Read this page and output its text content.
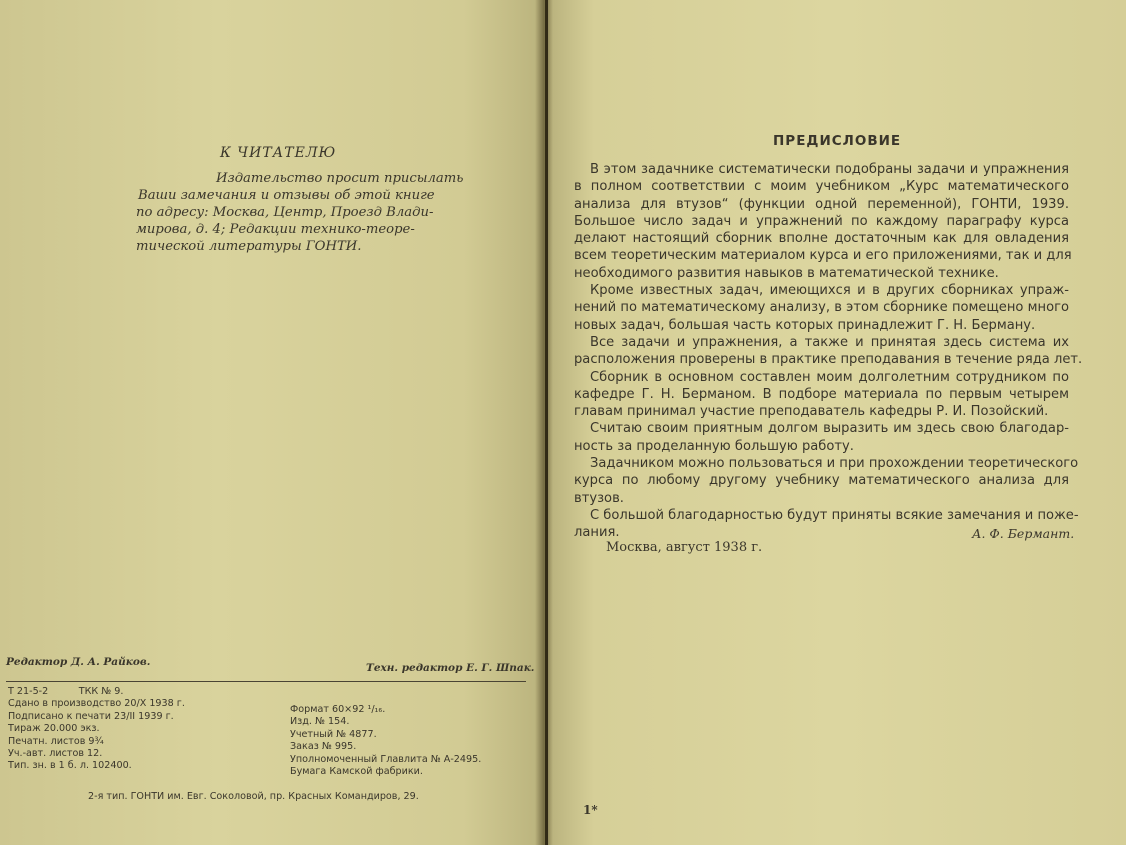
К ЧИТАТЕЛЮ
Издательство просит присылать
Ваши замечания и отзывы об этой книге
по адресу: Москва, Центр, Проезд Влади-
мирова, д. 4; Редакции технико-теоре-
тической литературы ГОНТИ.
Редактор Д. А. Райков.	Техн. редактор Е. Г. Шпак.
Т 21-5-2          ТКК № 9.
Сдано в производство 20/X 1938 г.
Подписано к печати 23/II 1939 г.
Тираж 20.000 экз.
Печатн. листов 9¾
Уч.-авт. листов 12.
Тип. зн. в 1 б. л. 102400.
Формат 60×92 ¹/₁₆.
Изд. № 154.
Учетный № 4877.
Заказ № 995.
Уполномоченный Главлита № А-2495.
Бумага Камской фабрики.
2-я тип. ГОНТИ им. Евг. Соколовой, пр. Красных Командиров, 29.
ПРЕДИСЛОВИЕ
В этом задачнике систематически подобраны задачи и упражнения
в полном соответствии с моим учебником „Курс математического
анализа для втузов“ (функции одной переменной), ГОНТИ, 1939.
Большое число задач и упражнений по каждому параграфу курса
делают настоящий сборник вполне достаточным как для овладения
всем теоретическим материалом курса и его приложениями, так и для
необходимого развития навыков в математической технике.
Кроме известных задач, имеющихся и в других сборниках упраж-
нений по математическому анализу, в этом сборнике помещено много
новых задач, большая часть которых принадлежит Г. Н. Берману.
Все задачи и упражнения, а также и принятая здесь система их
расположения проверены в практике преподавания в течение ряда лет.
Сборник в основном составлен моим долголетним сотрудником по
кафедре Г. Н. Берманом. В подборе материала по первым четырем
главам принимал участие преподаватель кафедры Р. И. Позойский.
Считаю своим приятным долгом выразить им здесь свою благодар-
ность за проделанную большую работу.
Задачником можно пользоваться и при прохождении теоретического
курса по любому другому учебнику математического анализа для
втузов.
С большой благодарностью будут приняты всякие замечания и поже-
лания.	А. Ф. Бермант.
Москва, август 1938 г.
1*
